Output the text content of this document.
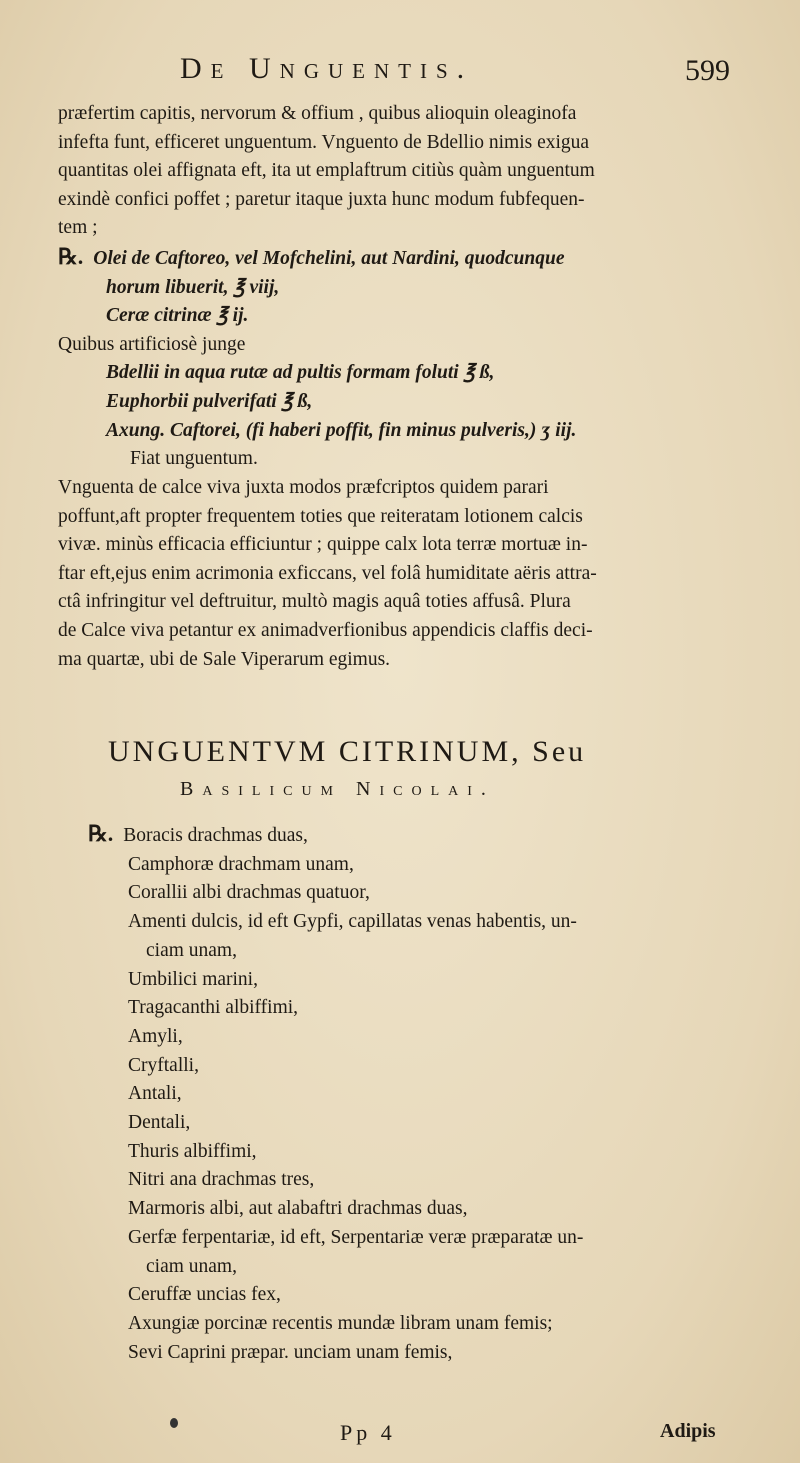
De Unguentis.	599

præfertim capitis, nervorum & offium , quibus alioquin oleaginofa

infefta funt, efficeret unguentum. Vnguento de Bdellio nimis exigua

quantitas olei affignata eft, ita ut emplaftrum citiùs quàm unguentum

exindè confici poffet ; paretur itaque juxta hunc modum fubfequen-

tem ;

℞. Olei de Caftoreo, vel Mofchelini, aut Nardini, quodcunque

horum libuerit, ℥ viij,

Ceræ citrinæ ℥ ij.

Quibus artificiosè junge

Bdellii in aqua rutæ ad pultis formam foluti ℥ ß,

Euphorbii pulverifati ℥ ß,

Axung. Caftorei, (fi haberi poffit, fin minus pulveris,) ʒ iij.

Fiat unguentum.

Vnguenta de calce viva juxta modos præfcriptos quidem parari

poffunt,aft propter frequentem toties que reiteratam lotionem calcis

vivæ. minùs efficacia efficiuntur ; quippe calx lota terræ mortuæ in-

ftar eft,ejus enim acrimonia exficcans, vel folâ humiditate aëris attra-

ctâ infringitur vel deftruitur, multò magis aquâ toties affusâ. Plura

de Calce viva petantur ex animadverfionibus appendicis claffis deci-

ma quartæ, ubi de Sale Viperarum egimus.

UNGUENTVM CITRINUM, Seu
Basilicum Nicolai.

℞. Boracis drachmas duas,

Camphoræ drachmam unam,

Corallii albi drachmas quatuor,

Amenti dulcis, id eft Gypfi, capillatas venas habentis, un-

ciam unam,

Umbilici marini,

Tragacanthi albiffimi,

Amyli,

Cryftalli,

Antali,

Dentali,

Thuris albiffimi,

Nitri ana drachmas tres,

Marmoris albi, aut alabaftri drachmas duas,

Gerfæ ferpentariæ, id eft, Serpentariæ veræ præparatæ un-

ciam unam,

Ceruffæ uncias fex,

Axungiæ porcinæ recentis mundæ libram unam femis;

Sevi Caprini præpar. unciam unam femis,

Pp 4	Adipis
